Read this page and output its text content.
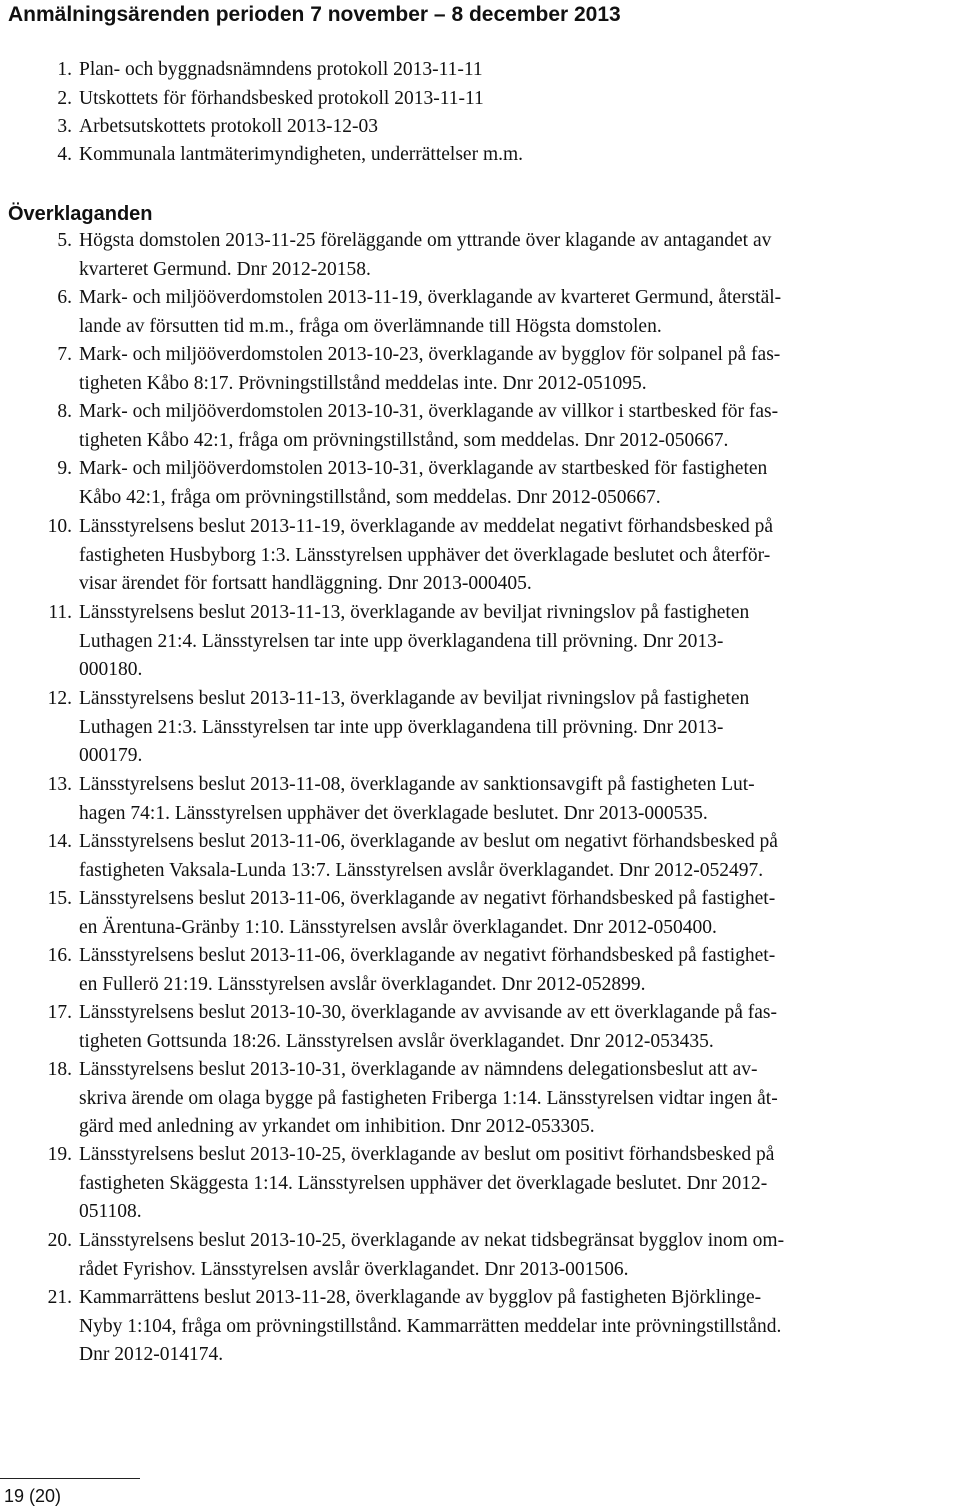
Anmälningsärenden perioden 7 november – 8 december 2013
Överklaganden
1. Plan- och byggnadsnämndens protokoll 2013-11-11
2. Utskottets för förhandsbesked protokoll 2013-11-11
3. Arbetsutskottets protokoll 2013-12-03
4. Kommunala lantmäterimyndigheten, underrättelser m.m.
5. Högsta domstolen 2013-11-25 föreläggande om yttrande över klagande av antagandet av
kvarteret Germund. Dnr 2012-20158.
6. Mark- och miljööverdomstolen 2013-11-19, överklagande av kvarteret Germund, återstäl-
lande av försutten tid m.m., fråga om överlämnande till Högsta domstolen.
7. Mark- och miljööverdomstolen 2013-10-23, överklagande av bygglov för solpanel på fas-
tigheten Kåbo 8:17. Prövningstillstånd meddelas inte. Dnr 2012-051095.
8. Mark- och miljööverdomstolen 2013-10-31, överklagande av villkor i startbesked för fas-
tigheten Kåbo 42:1, fråga om prövningstillstånd, som meddelas. Dnr 2012-050667.
9. Mark- och miljööverdomstolen 2013-10-31, överklagande av startbesked för fastigheten
Kåbo 42:1, fråga om prövningstillstånd, som meddelas. Dnr 2012-050667.
10. Länsstyrelsens beslut 2013-11-19, överklagande av meddelat negativt förhandsbesked på
fastigheten Husbyborg 1:3. Länsstyrelsen upphäver det överklagade beslutet och återför-
visar ärendet för fortsatt handläggning. Dnr 2013-000405.
11. Länsstyrelsens beslut 2013-11-13, överklagande av beviljat rivningslov på fastigheten
Luthagen 21:4. Länsstyrelsen tar inte upp överklagandena till prövning. Dnr 2013-
000180.
12. Länsstyrelsens beslut 2013-11-13, överklagande av beviljat rivningslov på fastigheten
Luthagen 21:3. Länsstyrelsen tar inte upp överklagandena till prövning. Dnr 2013-
000179.
13. Länsstyrelsens beslut 2013-11-08, överklagande av sanktionsavgift på fastigheten Lut-
hagen 74:1. Länsstyrelsen upphäver det överklagade beslutet. Dnr 2013-000535.
14. Länsstyrelsens beslut 2013-11-06, överklagande av beslut om negativt förhandsbesked på
fastigheten Vaksala-Lunda 13:7. Länsstyrelsen avslår överklagandet. Dnr 2012-052497.
15. Länsstyrelsens beslut 2013-11-06, överklagande av negativt förhandsbesked på fastighet-
en Ärentuna-Gränby 1:10. Länsstyrelsen avslår överklagandet. Dnr 2012-050400.
16. Länsstyrelsens beslut 2013-11-06, överklagande av negativt förhandsbesked på fastighet-
en Fullerö 21:19. Länsstyrelsen avslår överklagandet. Dnr 2012-052899.
17. Länsstyrelsens beslut 2013-10-30, överklagande av avvisande av ett överklagande på fas-
tigheten Gottsunda 18:26. Länsstyrelsen avslår överklagandet. Dnr 2012-053435.
18. Länsstyrelsens beslut 2013-10-31, överklagande av nämndens delegationsbeslut att av-
skriva ärende om olaga bygge på fastigheten Friberga 1:14. Länsstyrelsen vidtar ingen åt-
gärd med anledning av yrkandet om inhibition. Dnr 2012-053305.
19. Länsstyrelsens beslut 2013-10-25, överklagande av beslut om positivt förhandsbesked på
fastigheten Skäggesta 1:14. Länsstyrelsen upphäver det överklagade beslutet. Dnr 2012-
051108.
20. Länsstyrelsens beslut 2013-10-25, överklagande av nekat tidsbegränsat bygglov inom om-
rådet Fyrishov. Länsstyrelsen avslår överklagandet. Dnr 2013-001506.
21. Kammarrättens beslut 2013-11-28, överklagande av bygglov på fastigheten Björklinge-
Nyby 1:104, fråga om prövningstillstånd. Kammarrätten meddelar inte prövningstillstånd.
Dnr 2012-014174.
19 (20)
